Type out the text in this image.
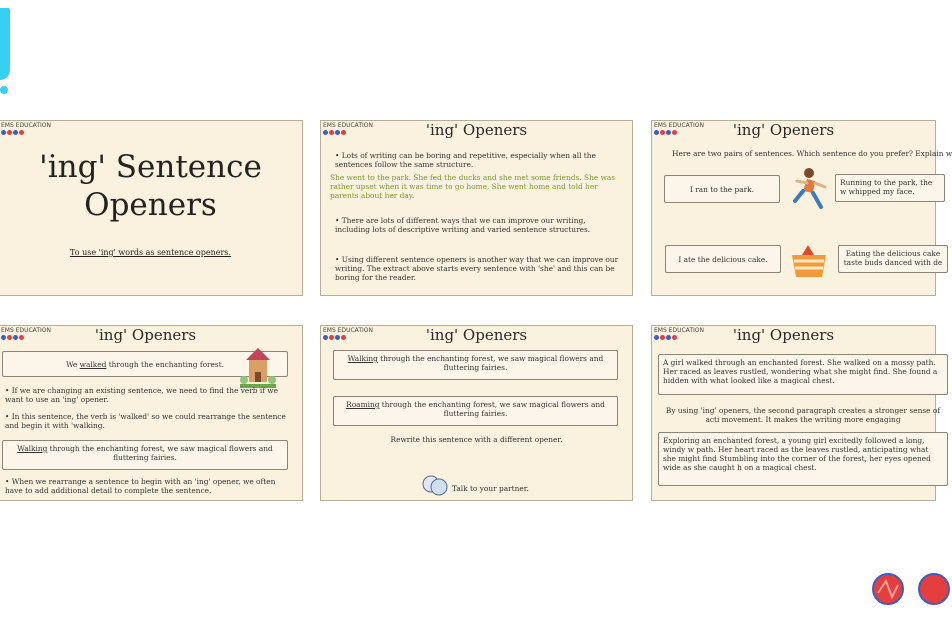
EMS EDUCATION
'ing' Sentence
Openers
To use 'ing' words as sentence openers.
EMS EDUCATION	'ing' Openers
• Lots of writing can be boring and repetitive, especially when all the sentences follow the same structure.
She went to the park. She fed the ducks and she met some friends. She was rather upset when it was time to go home. She went home and told her parents about her day.
• There are lots of different ways that we can improve our writing, including lots of descriptive writing and varied sentence structures.
• Using different sentence openers is another way that we can improve our writing. The extract above starts every sentence with 'she' and this can be boring for the reader.
EMS EDUCATION	'ing' Openers
Here are two pairs of sentences. Which sentence do you prefer? Explain w
I ran to the park.
Running to the park, the w whipped my face.
I ate the delicious cake.
Eating the delicious cake taste buds danced with de
EMS EDUCATION	'ing' Openers
We walked through the enchanting forest.
• If we are changing an existing sentence, we need to find the verb if we want to use an 'ing' opener.
• In this sentence, the verb is 'walked' so we could rearrange the sentence and begin it with 'walking.
Walking through the enchanting forest, we saw magical flowers and fluttering fairies.
• When we rearrange a sentence to begin with an 'ing' opener, we often have to add additional detail to complete the sentence.
EMS EDUCATION	'ing' Openers
Walking through the enchanting forest, we saw magical flowers and fluttering fairies.
Roaming through the enchanting forest, we saw magical flowers and fluttering fairies.
Rewrite this sentence with a different opener.
Talk to your partner.
EMS EDUCATION	'ing' Openers
A girl walked through an enchanted forest. She walked on a mossy path. Her raced as leaves rustled, wondering what she might find. She found a hidden with what looked like a magical chest.
By using 'ing' openers, the second paragraph creates a stronger sense of acti movement. It makes the writing more engaging
Exploring an enchanted forest, a young girl excitedly followed a long, windy w path. Her heart raced as the leaves rustled, anticipating what she might find Stumbling into the corner of the forest, her eyes opened wide as she caught h on a magical chest.
